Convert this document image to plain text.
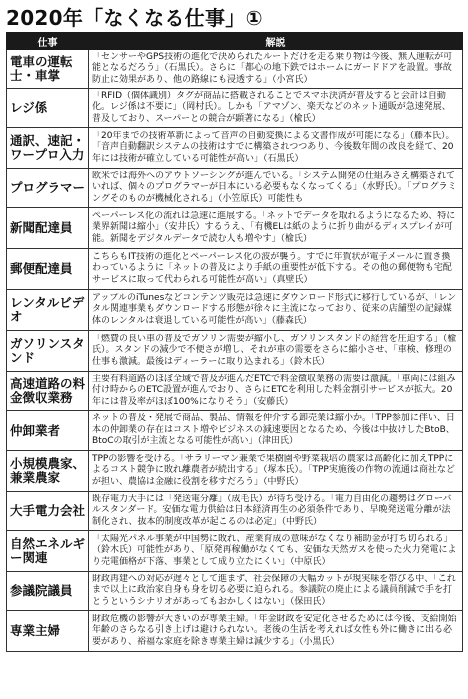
2020年「なくなる仕事」①
仕事	解説
電車の運転士・車掌	「センサーやGPS技術の進化で決められたルートだけを走る乗り物は今後、無人運転が可能となるだろう」（石黒氏）。さらに「都心の地下鉄ではホームにガードドアを設置。事故防止に効果があり、他の路線にも浸透する」（小宮氏）

レジ係	「RFID（個体識別）タグが商品に搭載されることでスマホ決済が普及すると会計は自動化。レジ係は不要に」（岡村氏）。しかも「アマゾン、楽天などのネット通販が急速発展、普及しており、スーパーとの競合が顕著になる」（楡氏）

通訳、速記・ワープロ入力	「20年までの技術革新によって音声の自動変換による文書作成が可能になる」（藤本氏）。「音声自動翻訳システムの技術はすでに構築されつつあり、今後数年間の改良を経て、20年には技術が確立している可能性が高い」（石黒氏）

プログラマー	欧米では海外へのアウトソーシングが進んでいる。「システム開発の仕組みさえ構築されていれば、個々のプログラマーが日本にいる必要もなくなってくる」（水野氏）。「プログラミングそのものが機械化される」（小笠原氏）可能性も

新聞配達員	ペーパーレス化の流れは急速に進展する。「ネットでデータを取れるようになるため、特に業界新聞は縮小」（安井氏）するうえ、「有機ELは紙のように折り曲がるディスプレイが可能。新聞をデジタルデータで読む人も増やす」（楡氏）

郵便配達員	こちらもIT技術の進化とペーパーレス化の波が襲う。すでに年賀状が電子メールに置き換わっているように「ネットの普及により手紙の重要性が低下する。その他の郵便物も宅配サービスに取って代わられる可能性が高い」（真壁氏）

レンタルビデオ	アップルのiTunesなどコンテンツ販売は急速にダウンロード形式に移行しているが、「レンタル関連事業もダウンロードする形態が徐々に主流になっており、従来の店舗型の記録媒体のレンタルは衰退している可能性が高い」（藤森氏）

ガソリンスタンド	「燃費の良い車の普及でガソリン需要が縮小し、ガソリンスタンドの経営を圧迫する」（楡氏）。スタンドの減少で不便さが増し、それが車の需要をさらに縮小させ、「車検、修理の仕事も激減。最後はディーラーに取り込まれる」（鈴木氏）

高速道路の料金徴収業務	主要有料道路のほぼ全域で普及が進んだETCで料金徴収業務の需要は激減。「車両には組み付け時からのETC設置が進んでおり、さらにETCを利用した料金割引サービスが拡大。20年には普及率がほぼ100%になりそう」（安藤氏）

仲卸業者	ネットの普及・発展で商品、製品、情報を仲介する卸売業は縮小か。「TPP参加に伴い、日本の仲卸業の存在はコスト増やビジネスの減速要因となるため、今後は中抜けしたBtoB、BtoCの取引が主流となる可能性が高い」（津田氏）

小規模農家、兼業農家	TPPの影響を受ける。「サラリーマン兼業で果樹園や野菜栽培の農家は高齢化に加えTPPによるコスト競争に敗れ離農者が続出する」（塚本氏）。「TPP実施後の作物の流通は商社などが担い、農協は金融に役割を移すだろう」（中野氏）

大手電力会社	既存電力大手には「発送電分離」（成毛氏）が待ち受ける。「電力自由化の趨勢はグローバルスタンダード。安価な電力供給は日本経済再生の必須条件であり、早晩発送電分離が法制化され、抜本的制度改革が起こるのは必定」（中野氏）

自然エネルギー関連	「太陽光パネル事業が中国勢に敗れ、産業育成の意味がなくなり補助金が打ち切られる」（鈴木氏）可能性があり、「原発再稼働がなくても、安価な天然ガスを使った火力発電により売電価格が下落、事業として成り立たにくい」（中原氏）

参議院議員	財政再建への対応が遅々として進まず、社会保障の大幅カットが現実味を帯びる中、「これまで以上に政治家自身も身を切る必要に迫られる。参議院の廃止による議員削減で手を打とうというシナリオがあってもおかしくはない」（保田氏）

専業主婦	財政危機の影響が大きいのが専業主婦。「年金財政を安定化させるためには今後、支給開始年齢のさらなる引き上げは避けられない。老後の生活を考えれば女性も外に働きに出る必要があり、裕福な家庭を除き専業主婦は減少する」（小黒氏）
